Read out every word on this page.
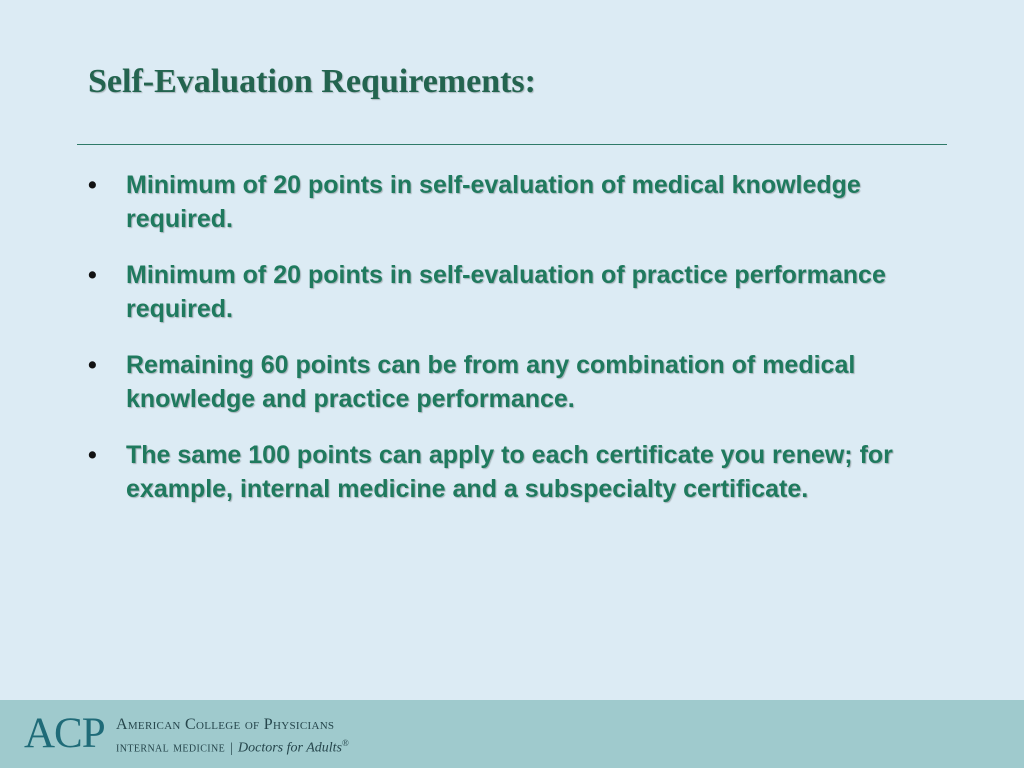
Self-Evaluation Requirements:
•	Minimum of 20 points in self-evaluation of medical knowledge required.
•	Minimum of 20 points in self-evaluation of practice performance required.
•	Remaining 60 points can be from any combination of medical knowledge and practice performance.
•	The same 100 points can apply to each certificate you renew; for example, internal medicine and a subspecialty certificate.
ACP American College of Physicians
internal medicine | Doctors for Adults®
